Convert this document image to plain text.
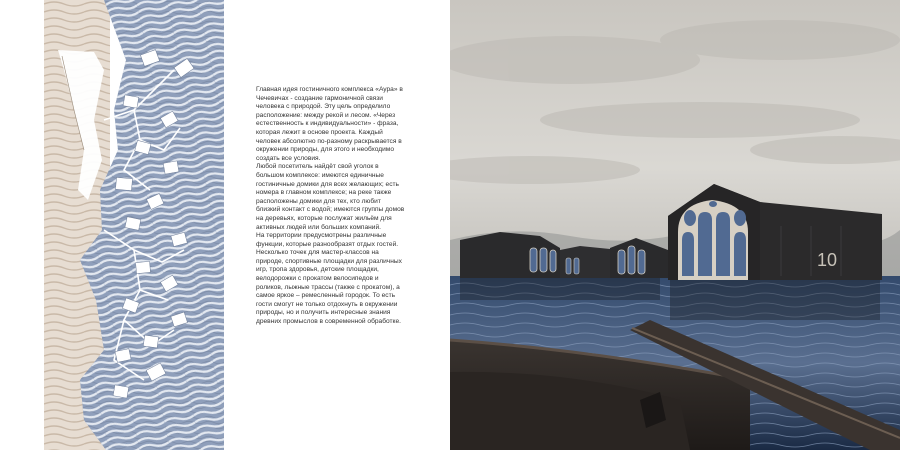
Главная идея гостиничного комплекса «Аура» в Чечевичах - создание гармоничной связи человека с природой. Эту цель определило расположение: между рекой и лесом. «Через естественность к индивидуальности» - фраза, которая лежит в основе проекта. Каждый человек абсолютно по-разному раскрывается в окружении природы, для этого и необходимо создать все условия.

Любой посетитель найдёт свой уголок в большом комплексе: имеются единичные гостиничные домики для всех желающих; есть номера в главном комплексе; на реке также расположены домики для тех, кто любит близкий контакт с водой; имеются группы домов на деревьях, которые послужат жильём для активных людей или больших компаний.

На территории предусмотрены различные функции, которые разнообразят отдых гостей. Несколько точек для мастер-классов на природе, спортивные площадки для различных игр, тропа здоровья, детские площадки, велодорожки с прокатом велосипедов и роликов, лыжные трассы (также с прокатом), а самое яркое – ремесленный городок. То есть гости смогут не только отдохнуть в окружении природы, но и получить интересные знания древних промыслов в современной обработке.

10
